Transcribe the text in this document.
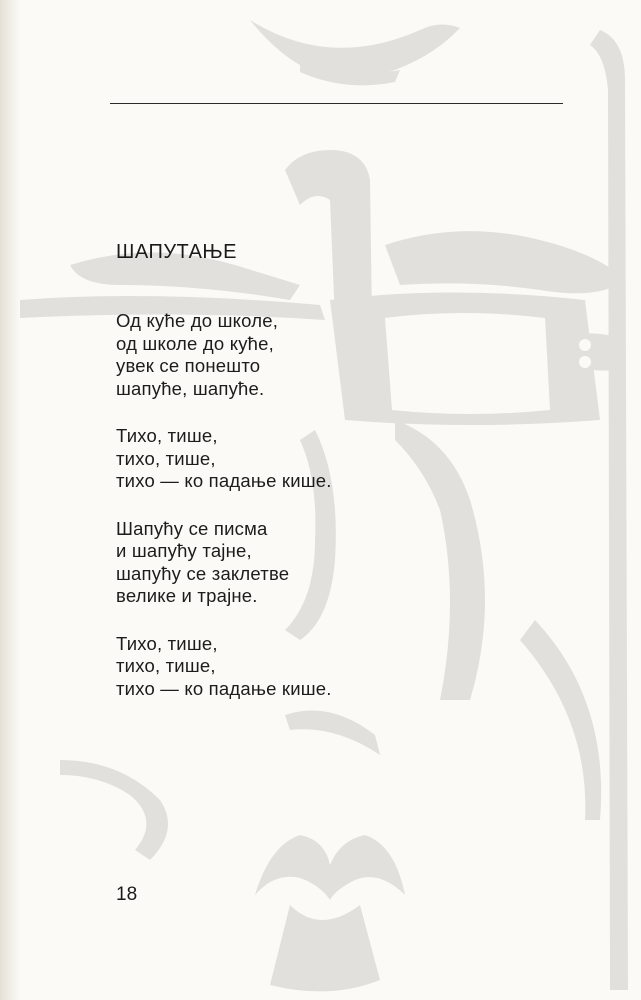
ШАПУТАЊЕ
Од куће до школе,
од школе до куће,
увек се понешто
шапуће, шапуће.
Тихо, тише,
тихо, тише,
тихо — ко падање кише.
Шапућу се писма
и шапућу тајне,
шапућу се заклетве
велике и трајне.
Тихо, тише,
тихо, тише,
тихо — ко падање кише.
18
